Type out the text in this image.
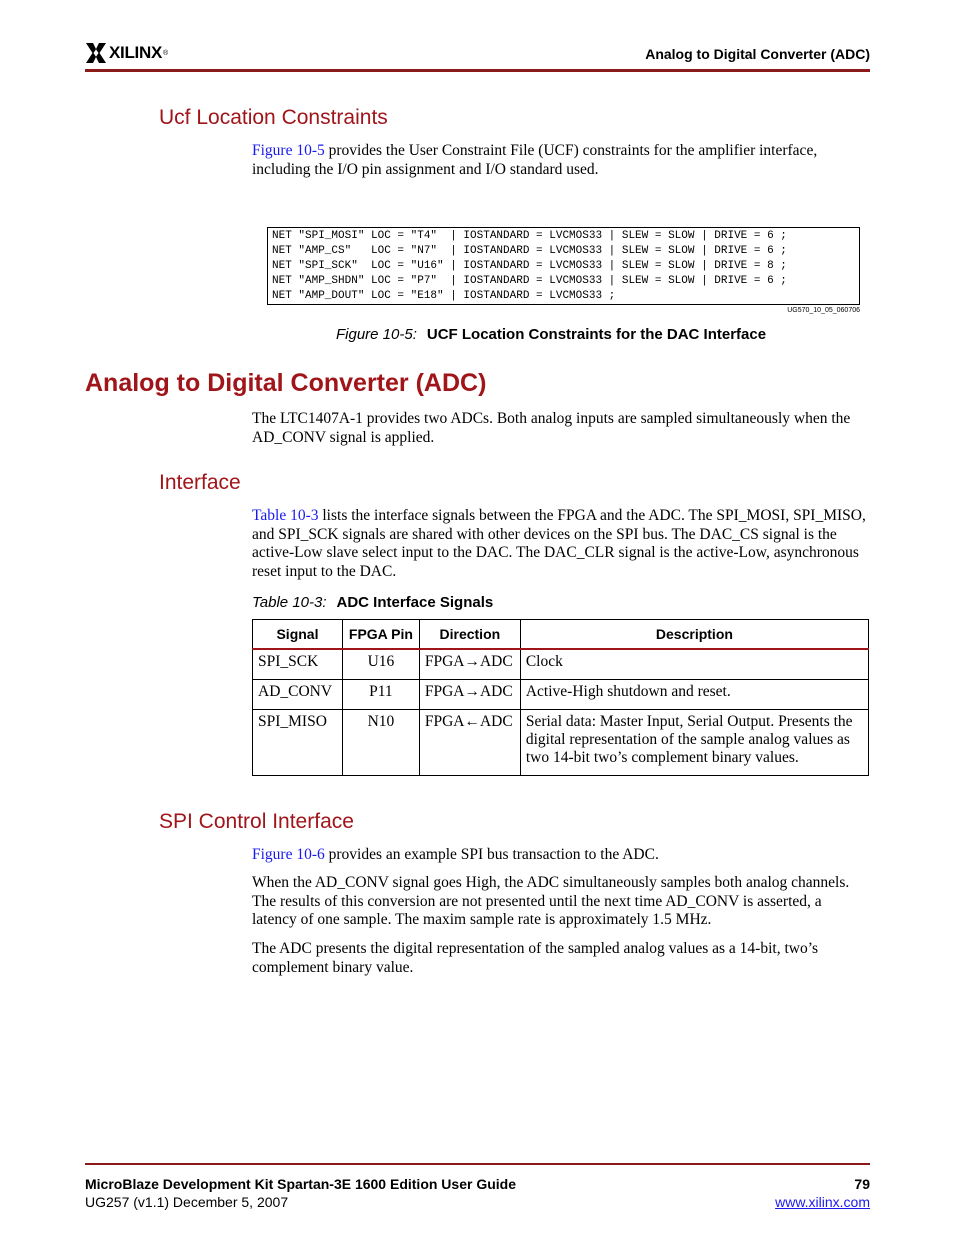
XILINX ®	Analog to Digital Converter (ADC)
Ucf Location Constraints

Figure 10-5 provides the User Constraint File (UCF) constraints for the amplifier interface, including the I/O pin assignment and I/O standard used.

NET "SPI_MOSI" LOC = "T4"  | IOSTANDARD = LVCMOS33 | SLEW = SLOW | DRIVE = 6 ;
NET "AMP_CS"   LOC = "N7"  | IOSTANDARD = LVCMOS33 | SLEW = SLOW | DRIVE = 6 ;
NET "SPI_SCK"  LOC = "U16" | IOSTANDARD = LVCMOS33 | SLEW = SLOW | DRIVE = 8 ;
NET "AMP_SHDN" LOC = "P7"  | IOSTANDARD = LVCMOS33 | SLEW = SLOW | DRIVE = 6 ;
NET "AMP_DOUT" LOC = "E18" | IOSTANDARD = LVCMOS33 ;
UG570_10_05_060706
Figure 10-5: UCF Location Constraints for the DAC Interface
Analog to Digital Converter (ADC)

The LTC1407A-1 provides two ADCs. Both analog inputs are sampled simultaneously when the AD_CONV signal is applied.

Interface

Table 10-3 lists the interface signals between the FPGA and the ADC. The SPI_MOSI, SPI_MISO, and SPI_SCK signals are shared with other devices on the SPI bus. The DAC_CS signal is the active-Low slave select input to the DAC. The DAC_CLR signal is the active-Low, asynchronous reset input to the DAC.

Table 10-3: ADC Interface Signals
Signal	FPGA Pin	Direction	Description
SPI_SCK	U16	FPGA→ADC	Clock
AD_CONV	P11	FPGA→ADC	Active-High shutdown and reset.
SPI_MISO	N10	FPGA←ADC	Serial data: Master Input, Serial Output. Presents the digital representation of the sample analog values as two 14-bit two’s complement binary values.
SPI Control Interface

Figure 10-6 provides an example SPI bus transaction to the ADC.

When the AD_CONV signal goes High, the ADC simultaneously samples both analog channels. The results of this conversion are not presented until the next time AD_CONV is asserted, a latency of one sample. The maxim sample rate is approximately 1.5 MHz.

The ADC presents the digital representation of the sampled analog values as a 14-bit, two’s complement binary value.

MicroBlaze Development Kit Spartan-3E 1600 Edition User Guide
UG257 (v1.1) December 5, 2007
79
www.xilinx.com
